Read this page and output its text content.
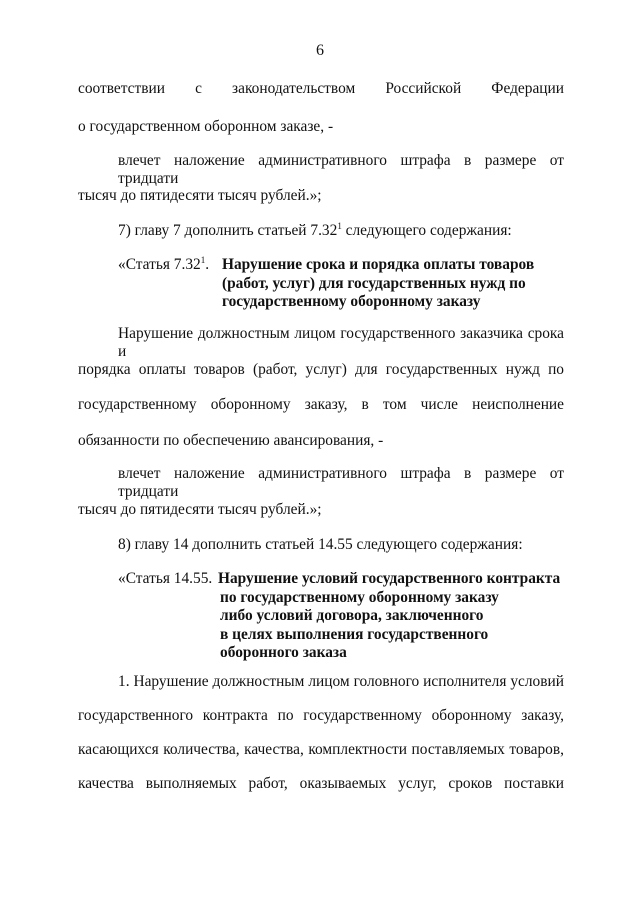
6
соответствии с законодательством Российской Федерации
о государственном оборонном заказе, -
влечет наложение административного штрафа в размере от тридцати
тысяч до пятидесяти тысяч рублей.»;
7) главу 7 дополнить статьей 7.32$^1$ следующего содержания:
«Статья 7.32$^1$. Нарушение срока и порядка оплаты товаров
(работ, услуг) для государственных нужд по
государственному оборонному заказу
Нарушение должностным лицом государственного заказчика срока и
порядка оплаты товаров (работ, услуг) для государственных нужд по
государственному оборонному заказу, в том числе неисполнение
обязанности по обеспечению авансирования, -
влечет наложение административного штрафа в размере от тридцати
тысяч до пятидесяти тысяч рублей.»;
8) главу 14 дополнить статьей 14.55 следующего содержания:
«Статья 14.55. Нарушение условий государственного контракта
по государственному оборонному заказу
либо условий договора, заключенного
в целях выполнения государственного
оборонного заказа
1. Нарушение должностным лицом головного исполнителя условий
государственного контракта по государственному оборонному заказу,
касающихся количества, качества, комплектности поставляемых товаров,
качества выполняемых работ, оказываемых услуг, сроков поставки
